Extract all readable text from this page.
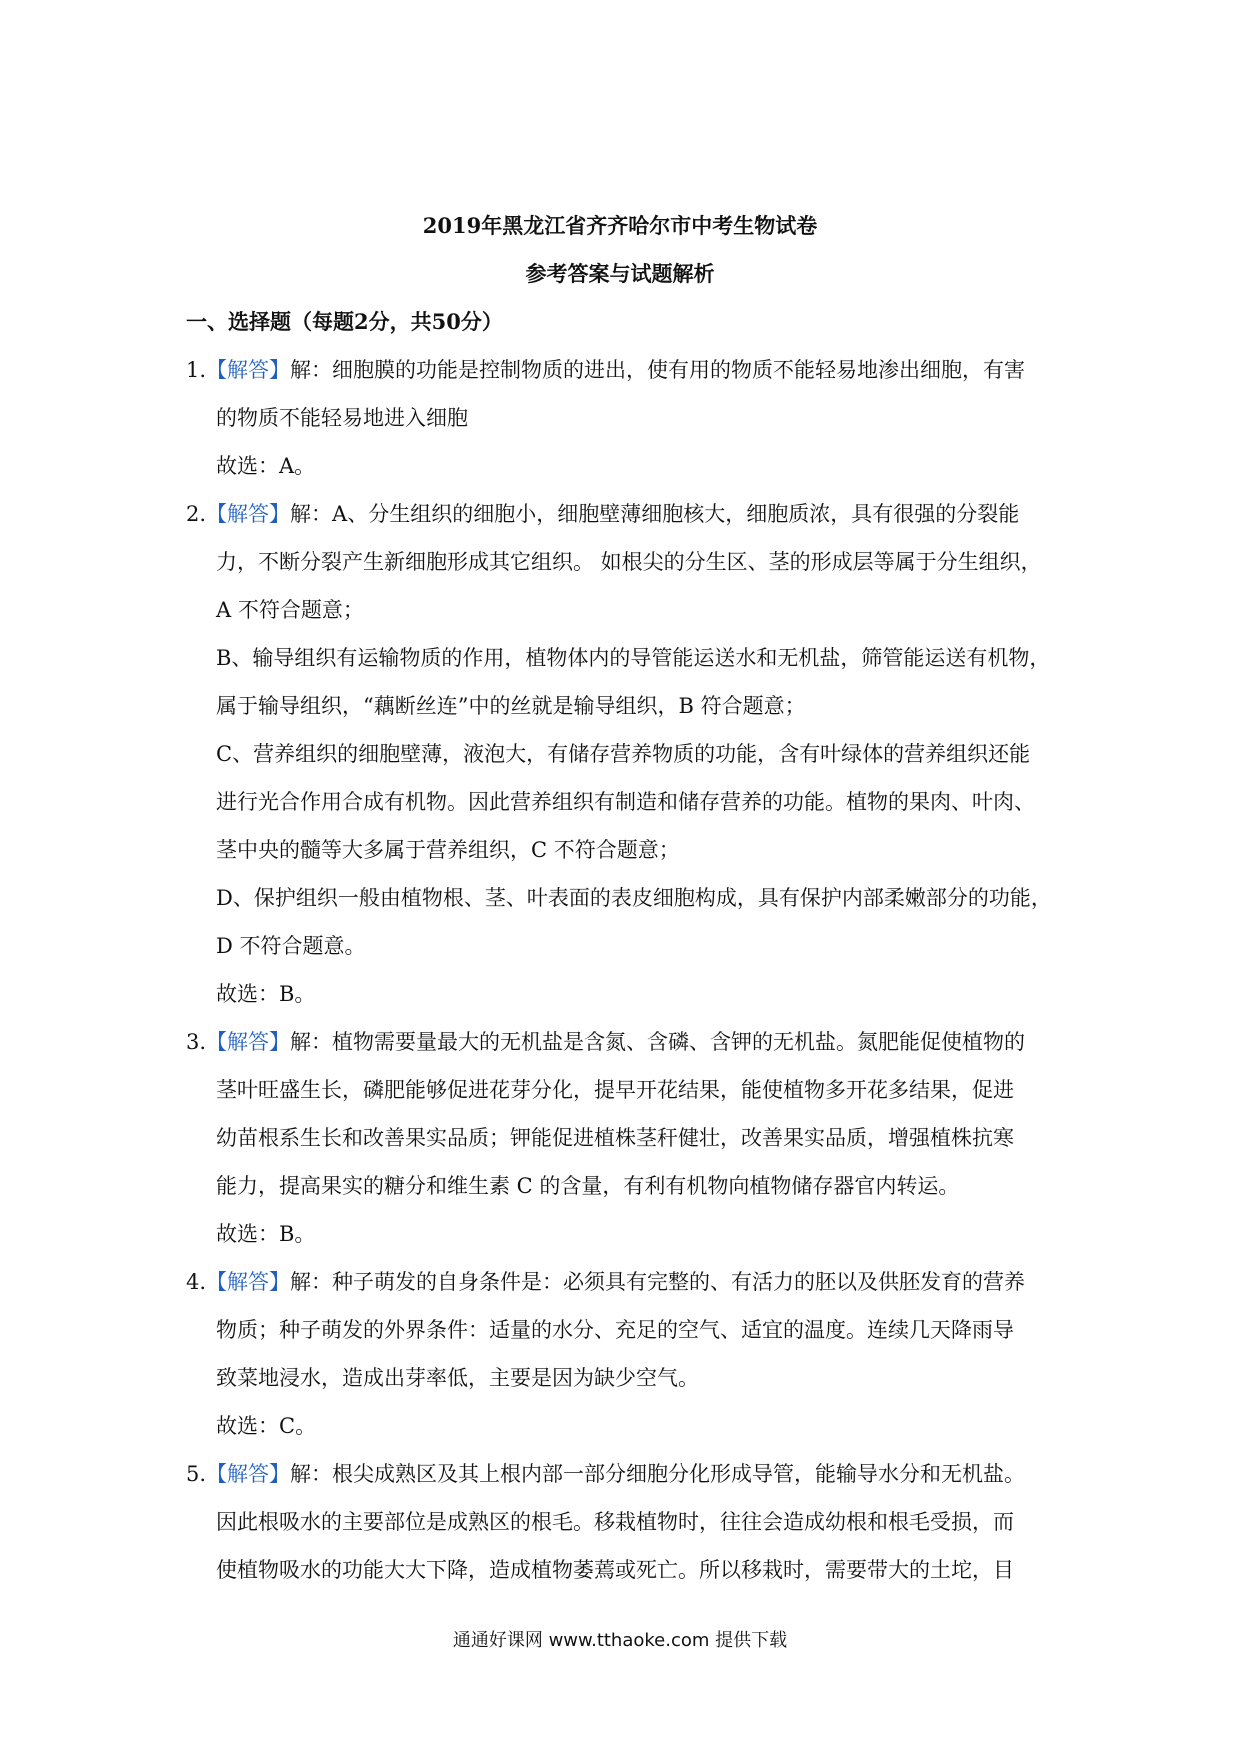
2019年黑龙江省齐齐哈尔市中考生物试卷
参考答案与试题解析
一、选择题（每题2分，共50分）
1.【解答】解：细胞膜的功能是控制物质的进出，使有用的物质不能轻易地渗出细胞，有害
的物质不能轻易地进入细胞
故选：A。
2.【解答】解：A、分生组织的细胞小，细胞壁薄细胞核大，细胞质浓，具有很强的分裂能
力，不断分裂产生新细胞形成其它组织。 如根尖的分生区、茎的形成层等属于分生组织，
A 不符合题意；
B、输导组织有运输物质的作用，植物体内的导管能运送水和无机盐，筛管能运送有机物，
属于输导组织，“藕断丝连”中的丝就是输导组织，B 符合题意；
C、营养组织的细胞壁薄，液泡大，有储存营养物质的功能，含有叶绿体的营养组织还能
进行光合作用合成有机物。因此营养组织有制造和储存营养的功能。植物的果肉、叶肉、
茎中央的髓等大多属于营养组织，C 不符合题意；
D、保护组织一般由植物根、茎、叶表面的表皮细胞构成，具有保护内部柔嫩部分的功能，
D 不符合题意。
故选：B。
3.【解答】解：植物需要量最大的无机盐是含氮、含磷、含钾的无机盐。氮肥能促使植物的
茎叶旺盛生长，磷肥能够促进花芽分化，提早开花结果，能使植物多开花多结果，促进
幼苗根系生长和改善果实品质；钾能促进植株茎秆健壮，改善果实品质，增强植株抗寒
能力，提高果实的糖分和维生素 C 的含量，有利有机物向植物储存器官内转运。
故选：B。
4.【解答】解：种子萌发的自身条件是：必须具有完整的、有活力的胚以及供胚发育的营养
物质；种子萌发的外界条件：适量的水分、充足的空气、适宜的温度。连续几天降雨导
致菜地浸水，造成出芽率低，主要是因为缺少空气。
故选：C。
5.【解答】解：根尖成熟区及其上根内部一部分细胞分化形成导管，能输导水分和无机盐。
因此根吸水的主要部位是成熟区的根毛。移栽植物时，往往会造成幼根和根毛受损，而
使植物吸水的功能大大下降，造成植物萎蔫或死亡。所以移栽时，需要带大的土坨，目
通通好课网 www.tthaoke.com 提供下载
